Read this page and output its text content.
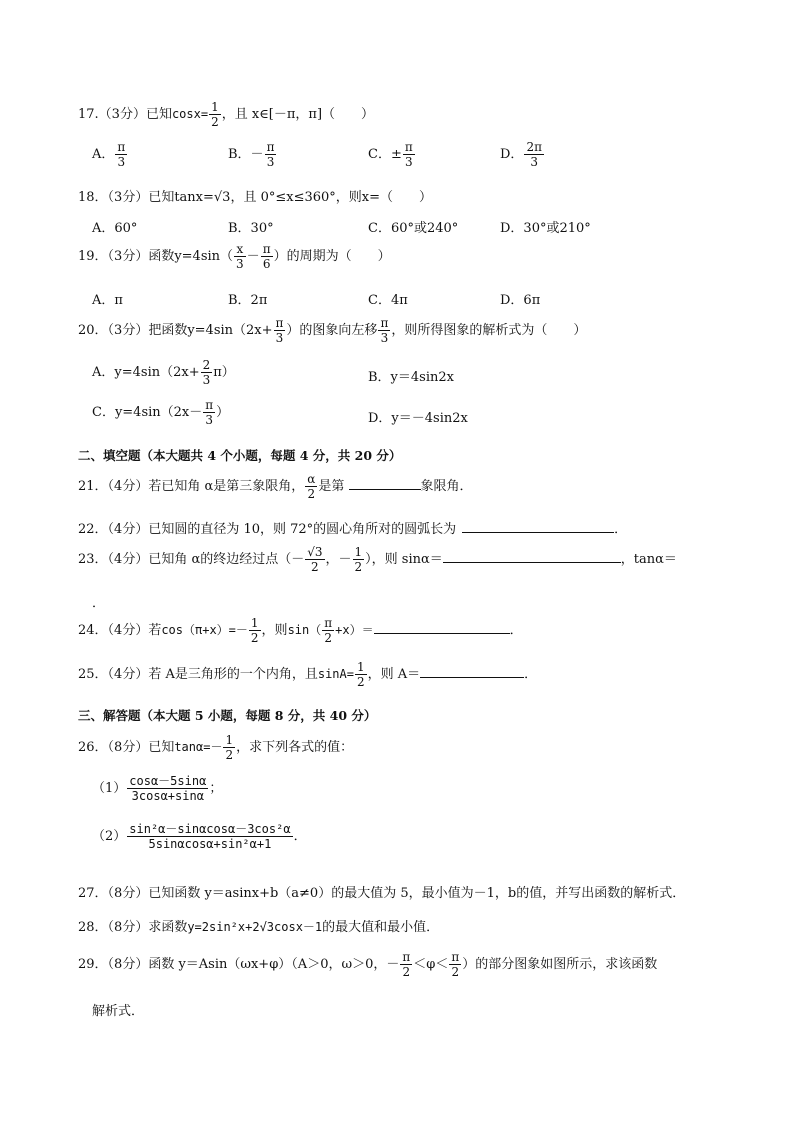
17.（3分）已知$\cos x= \frac{1}{2}$ ，且 x∈[－π，π]（　　）
A． $\frac{\pi}{3}$	B．－ $\frac{\pi}{3}$	C．± $\frac{\pi}{3}$	D． $\frac{2\pi}{3}$
18．（3分）已知tanx=√3，且 0°≤x≤360°，则x=（　　）
A．60°	B．30°	C．60°或240°	D．30°或210°
19．（3分）函数$y=4\sin( \frac{x}{3} - \frac{\pi}{6}$ ）的周期为（　　）
A．π	B．2π	C．4π	D．6π
20．（3分）把函数$y=4\sin(2x+ \frac{\pi}{3}$ ）的图象向左移 $\frac{\pi}{3}$ ，则所得图象的解析式为（　　）
A．$y=4\sin(2x+ \frac{2}{3} \pi)$	B．y＝4sin2x
C．$y=4\sin(2x- \frac{\pi}{3}$ ）	D．y＝－4sin2x
二、填空题（本大题共 4 个小题，每题 4 分，共 20 分）
21．（4分）若已知角 α是第三象限角， $\frac{\alpha}{2}$ 是第	象限角．
22．（4分）已知圆的直径为 10，则 72°的圆心角所对的圆弧长为	．
23．（4分）已知角 α的终边经过点（－ $\frac{√3}{2}$ ，－ $\frac{1}{2}$ ），则 sinα＝	，tanα＝
．
24．（4分）若$\cos(\pi+x)=- \frac{1}{2}$ ，则$\sin( \frac{\pi}{2} +x)=$	．
25．（4分）若 A是三角形的一个内角，且$\sin A= \frac{1}{2}$ ，则 A＝	．
三、解答题（本大题 5 小题，每题 8 分，共 40 分）
26．（8分）已知$\tan\alpha=- \frac{1}{2}$ ，求下列各式的值：
$(1) \frac{\cos\alpha-5\sin\alpha}{3\cos\alpha+\sin\alpha}$ ；
$(2) \frac{\text{sin²α－sinαcosα－3cos²α}}{\text{5sinαcosα+sin²α+1}}$ ．
27．（8分）已知函数 y＝asinx+b（a≠0）的最大值为 5，最小值为－1，b的值，并写出函数的解析式．
28．（8分）求函数y=2sin²x+2√3cosx－1的最大值和最小值．
29．（8分）函数 y＝Asin（ωx+φ）（A＞0，ω＞0，－ $\frac{\pi}{2} <\varphi< \frac{\pi}{2}$ ）的部分图象如图所示，求该函数
解析式．
